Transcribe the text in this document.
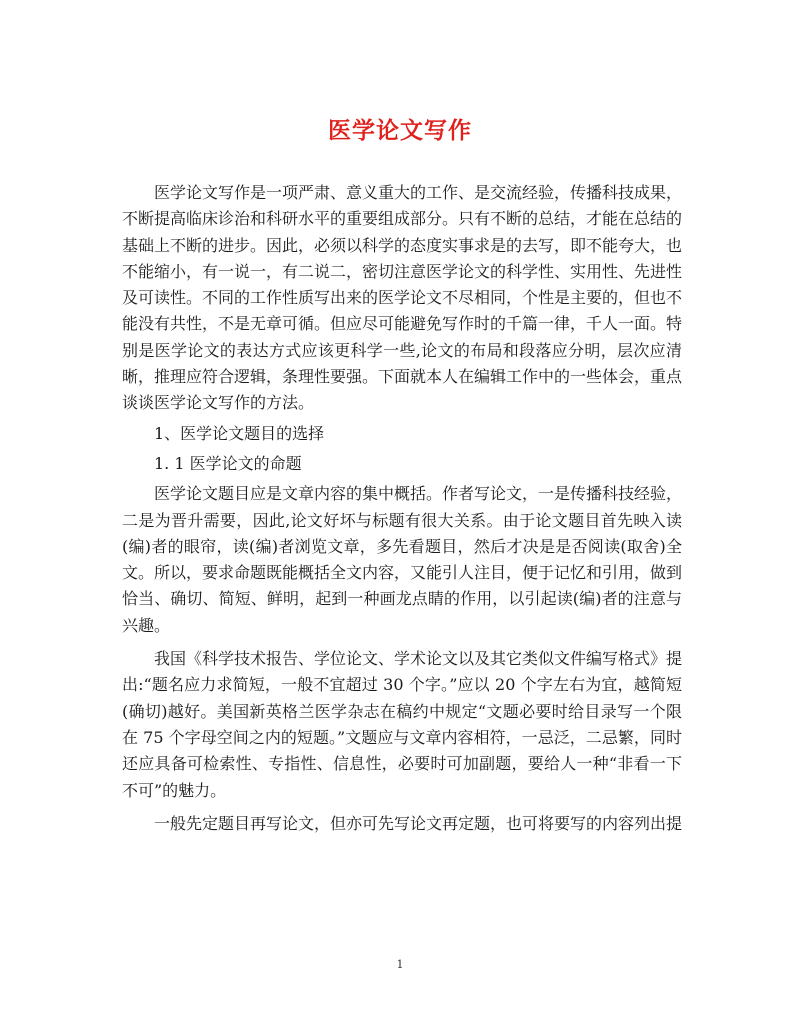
医学论文写作

医学论文写作是一项严肃、意义重大的工作、是交流经验，传播科技成果，不断提高临床诊治和科研水平的重要组成部分。只有不断的总结，才能在总结的基础上不断的进步。因此，必须以科学的态度实事求是的去写，即不能夸大，也不能缩小，有一说一，有二说二，密切注意医学论文的科学性、实用性、先进性及可读性。不同的工作性质写出来的医学论文不尽相同，个性是主要的，但也不能没有共性，不是无章可循。但应尽可能避免写作时的千篇一律，千人一面。特别是医学论文的表达方式应该更科学一些,论文的布局和段落应分明，层次应清晰，推理应符合逻辑，条理性要强。下面就本人在编辑工作中的一些体会，重点谈谈医学论文写作的方法。

1、医学论文题目的选择

1. 1 医学论文的命题

医学论文题目应是文章内容的集中概括。作者写论文，一是传播科技经验，二是为晋升需要，因此,论文好坏与标题有很大关系。由于论文题目首先映入读(编)者的眼帘，读(编)者浏览文章，多先看题目，然后才决是是否阅读(取舍)全文。所以，要求命题既能概括全文内容，又能引人注目，便于记忆和引用，做到恰当、确切、简短、鲜明，起到一种画龙点睛的作用，以引起读(编)者的注意与兴趣。

我国《科学技术报告、学位论文、学术论文以及其它类似文件编写格式》提出:“题名应力求简短，一般不宜超过 30 个字。”应以 20 个字左右为宜，越简短(确切)越好。美国新英格兰医学杂志在稿约中规定“文题必要时给目录写一个限在 75 个字母空间之内的短题。”文题应与文章内容相符，一忌泛，二忌繁，同时还应具备可检索性、专指性、信息性，必要时可加副题，要给人一种“非看一下不可”的魅力。

一般先定题目再写论文，但亦可先写论文再定题，也可将要写的内容列出提

1
